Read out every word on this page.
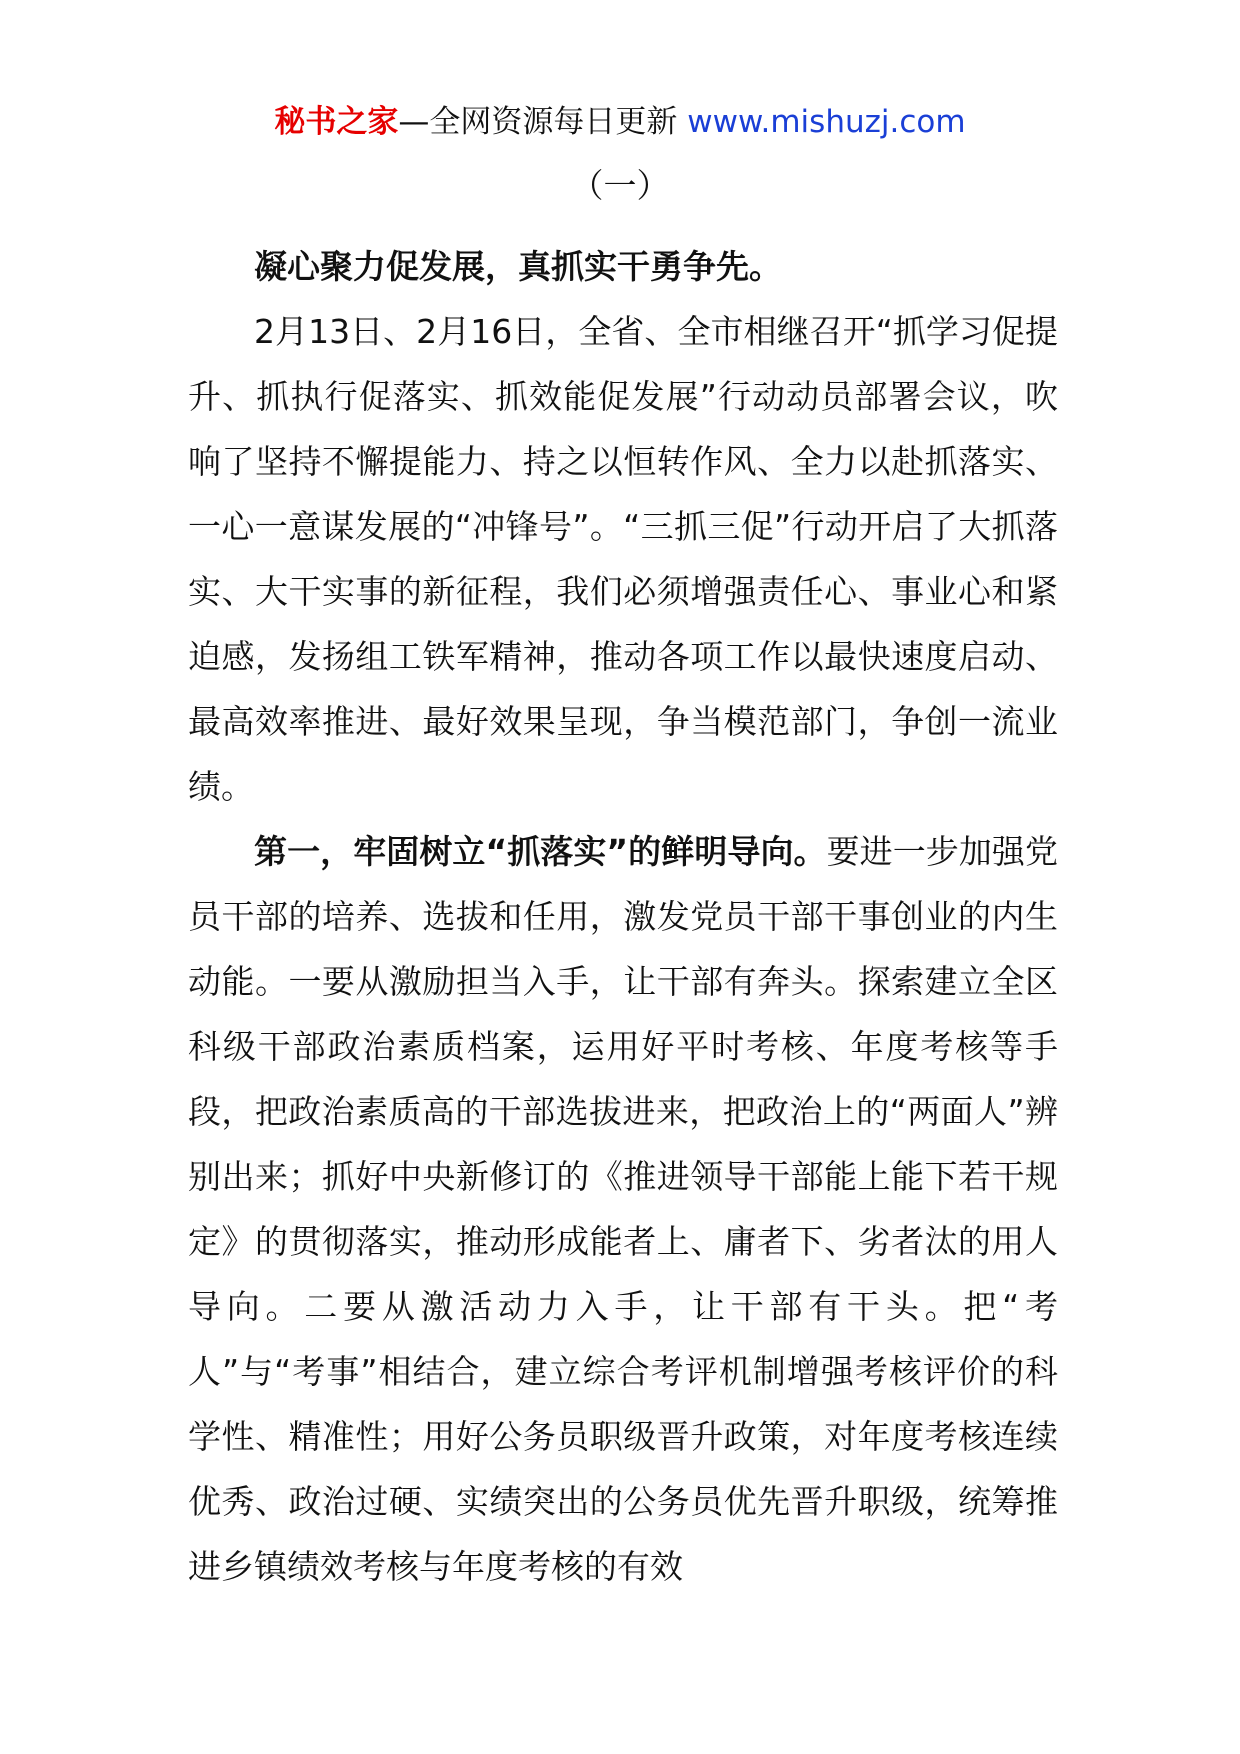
秘书之家—全网资源每日更新 www.mishuzj.com
（一）

凝心聚力促发展，真抓实干勇争先。

2月13日、2月16日，全省、全市相继召开“抓学习促提升、抓执行促落实、抓效能促发展”行动动员部署会议，吹响了坚持不懈提能力、持之以恒转作风、全力以赴抓落实、一心一意谋发展的“冲锋号”。“三抓三促”行动开启了大抓落实、大干实事的新征程，我们必须增强责任心、事业心和紧迫感，发扬组工铁军精神，推动各项工作以最快速度启动、最高效率推进、最好效果呈现，争当模范部门，争创一流业绩。

第一，牢固树立“抓落实”的鲜明导向。要进一步加强党员干部的培养、选拔和任用，激发党员干部干事创业的内生动能。一要从激励担当入手，让干部有奔头。探索建立全区科级干部政治素质档案，运用好平时考核、年度考核等手段，把政治素质高的干部选拔进来，把政治上的“两面人”辨别出来；抓好中央新修订的《推进领导干部能上能下若干规定》的贯彻落实，推动形成能者上、庸者下、劣者汰的用人导向。二要从激活动力入手，让干部有干头。把“考人”与“考事”相结合，建立综合考评机制增强考核评价的科学性、精准性；用好公务员职级晋升政策，对年度考核连续优秀、政治过硬、实绩突出的公务员优先晋升职级，统筹推进乡镇绩效考核与年度考核的有效
